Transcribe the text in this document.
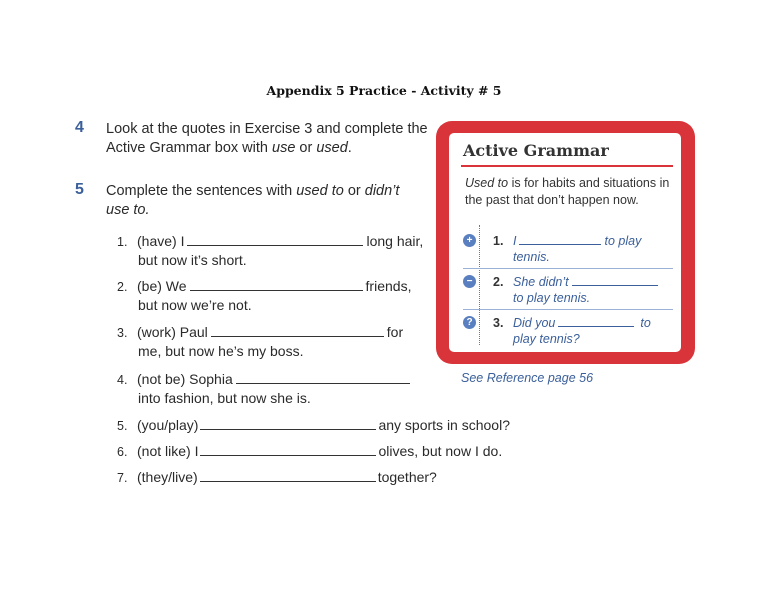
Appendix 5 Practice - Activity # 5
4 Look at the quotes in Exercise 3 and complete the
Active Grammar box with use or used.
5 Complete the sentences with used to or didn’t
use to.
1. (have) I	long hair,
but now it’s short.
2. (be) We	friends,
but now we’re not.
3. (work) Paul	for
me, but now he’s my boss.
4. (not be) Sophia
into fashion, but now she is.
5. (you/play)	any sports in school?
6. (not like) I	olives, but now I do.
7. (they/live)	together?
Active Grammar
Used to is for habits and situations in the past that don’t happen now.
+ 1. I	to play
tennis.
− 2. She didn’t
to play tennis.
? 3. Did you	to
play tennis?
See Reference page 56
